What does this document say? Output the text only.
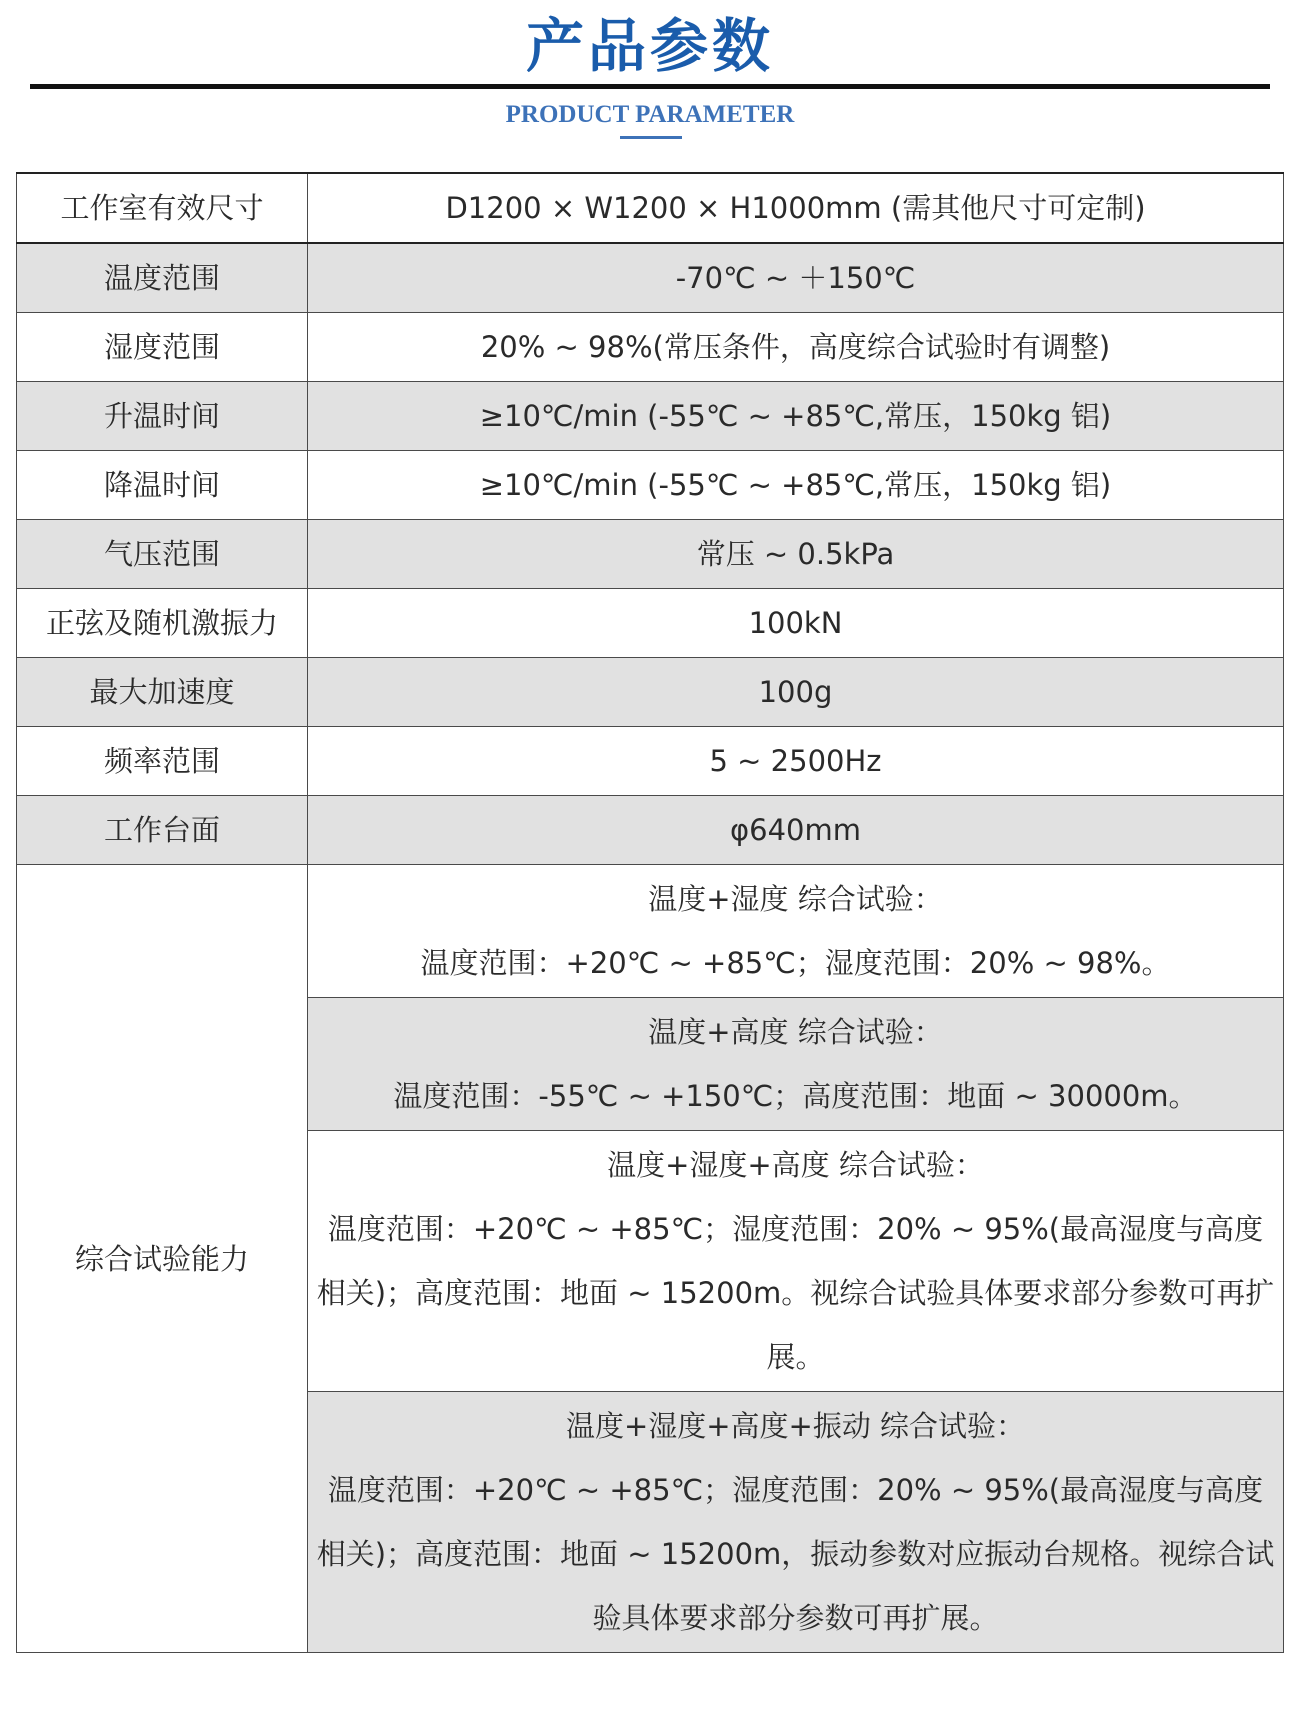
产品参数
PRODUCT PARAMETER
工作室有效尺寸	D1200 × W1200 × H1000mm (需其他尺寸可定制)
温度范围	-70℃ ~ ＋150℃
湿度范围	20% ~ 98%(常压条件，高度综合试验时有调整)
升温时间	≥10℃/min (-55℃ ~ +85℃,常压，150kg 铝)
降温时间	≥10℃/min (-55℃ ~ +85℃,常压，150kg 铝)
气压范围	常压 ~ 0.5kPa
正弦及随机激振力	100kN
最大加速度	100g
频率范围	5 ~ 2500Hz
工作台面	φ640mm
综合试验能力	温度+湿度 综合试验：
温度范围：+20℃ ~ +85℃；湿度范围：20% ~ 98%。

	温度+高度 综合试验：
温度范围：-55℃ ~ +150℃；高度范围：地面 ~ 30000m。

	温度+湿度+高度 综合试验：
温度范围：+20℃ ~ +85℃；湿度范围：20% ~ 95%(最高湿度与高度相关)；高度范围：地面 ~ 15200m。视综合试验具体要求部分参数可再扩展。

	温度+湿度+高度+振动 综合试验：
温度范围：+20℃ ~ +85℃；湿度范围：20% ~ 95%(最高湿度与高度相关)；高度范围：地面 ~ 15200m，振动参数对应振动台规格。视综合试验具体要求部分参数可再扩展。
